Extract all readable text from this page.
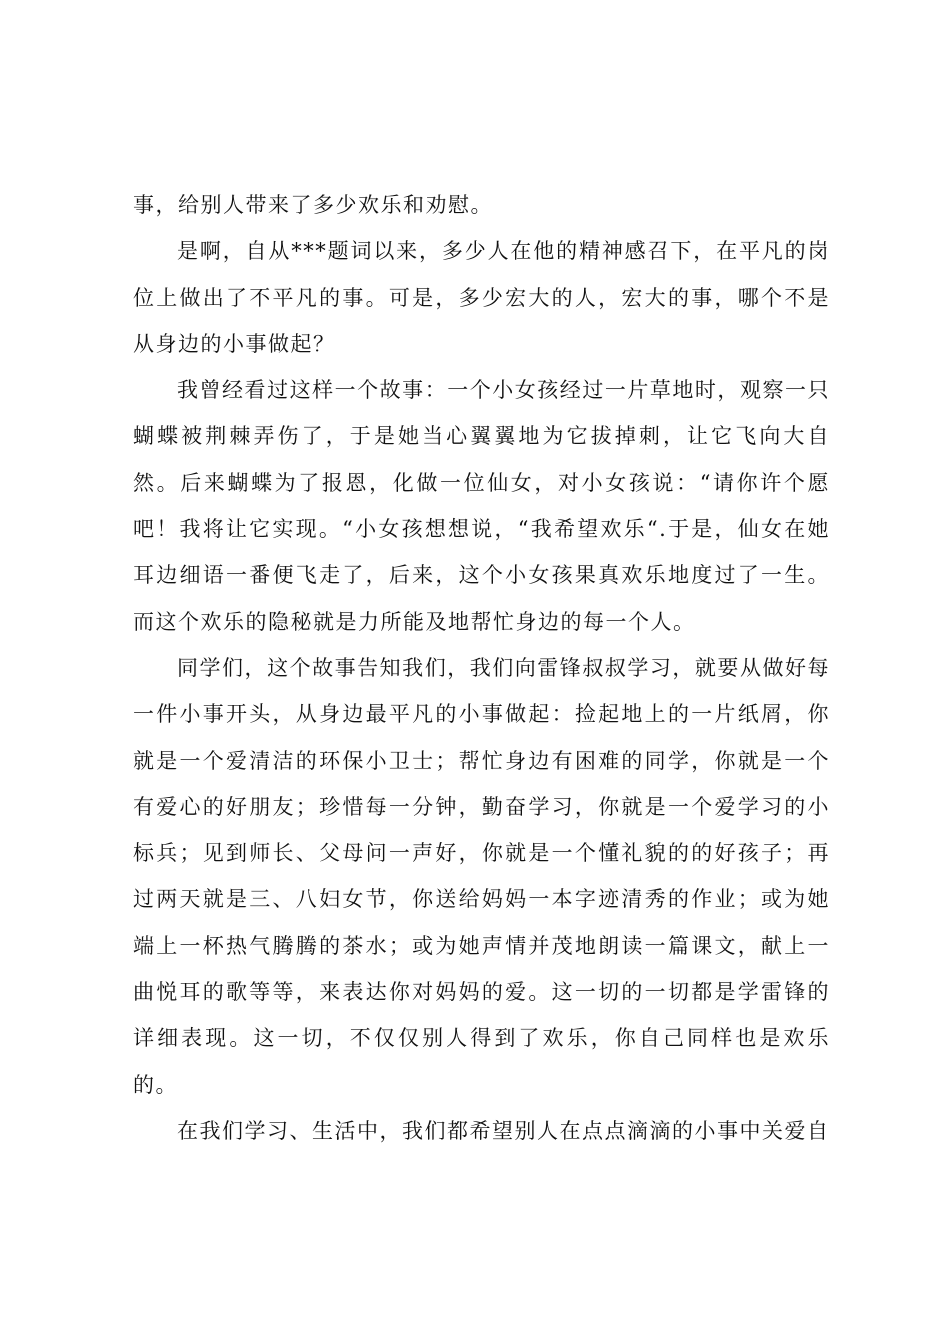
事，给别人带来了多少欢乐和劝慰。

是啊，自从***题词以来，多少人在他的精神感召下，在平凡的岗位上做出了不平凡的事。可是，多少宏大的人，宏大的事，哪个不是从身边的小事做起？

我曾经看过这样一个故事：一个小女孩经过一片草地时，观察一只蝴蝶被荆棘弄伤了，于是她当心翼翼地为它拔掉刺，让它飞向大自然。后来蝴蝶为了报恩，化做一位仙女，对小女孩说：“请你许个愿吧！我将让它实现。“小女孩想想说，“我希望欢乐“.于是，仙女在她耳边细语一番便飞走了，后来，这个小女孩果真欢乐地度过了一生。而这个欢乐的隐秘就是力所能及地帮忙身边的每一个人。

同学们，这个故事告知我们，我们向雷锋叔叔学习，就要从做好每一件小事开头，从身边最平凡的小事做起：捡起地上的一片纸屑，你就是一个爱清洁的环保小卫士；帮忙身边有困难的同学，你就是一个有爱心的好朋友；珍惜每一分钟，勤奋学习，你就是一个爱学习的小标兵；见到师长、父母问一声好，你就是一个懂礼貌的的好孩子；再过两天就是三、八妇女节，你送给妈妈一本字迹清秀的作业；或为她端上一杯热气腾腾的茶水；或为她声情并茂地朗读一篇课文，献上一曲悦耳的歌等等，来表达你对妈妈的爱。这一切的一切都是学雷锋的详细表现。这一切，不仅仅别人得到了欢乐，你自己同样也是欢乐的。

在我们学习、生活中，我们都希望别人在点点滴滴的小事中关爱自
